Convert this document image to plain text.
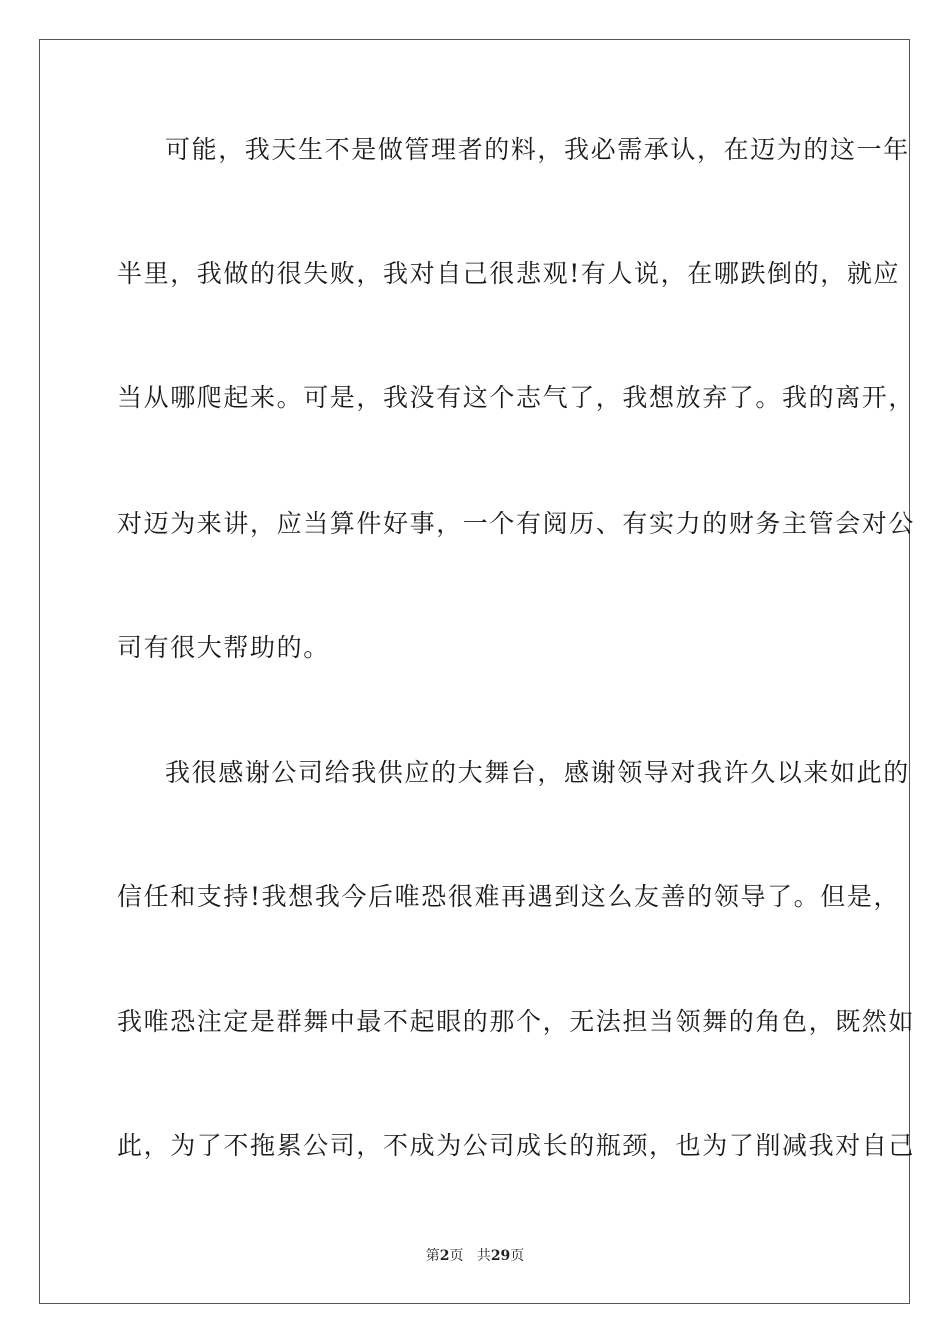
可能，我天生不是做管理者的料，我必需承认，在迈为的这一年
半里，我做的很失败，我对自己很悲观!有人说，在哪跌倒的，就应
当从哪爬起来。可是，我没有这个志气了，我想放弃了。我的离开，
对迈为来讲，应当算件好事，一个有阅历、有实力的财务主管会对公
司有很大帮助的。
我很感谢公司给我供应的大舞台，感谢领导对我许久以来如此的
信任和支持!我想我今后唯恐很难再遇到这么友善的领导了。但是，
我唯恐注定是群舞中最不起眼的那个，无法担当领舞的角色，既然如
此，为了不拖累公司，不成为公司成长的瓶颈，也为了削减我对自己
第2页 共29页
